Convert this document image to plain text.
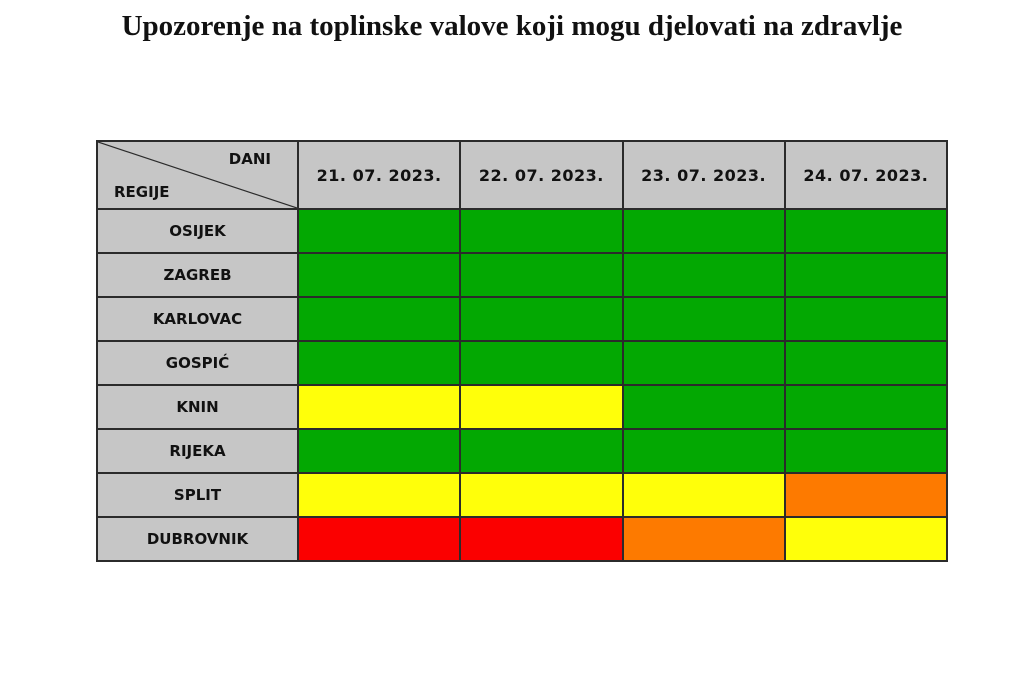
Upozorenje na toplinske valove koji mogu djelovati na zdravlje
DANI
REGIJE	21. 07. 2023.	22. 07. 2023.	23. 07. 2023.	24. 07. 2023.
OSIJEK				
ZAGREB				
KARLOVAC				
GOSPIĆ				
KNIN				
RIJEKA				
SPLIT				
DUBROVNIK				
